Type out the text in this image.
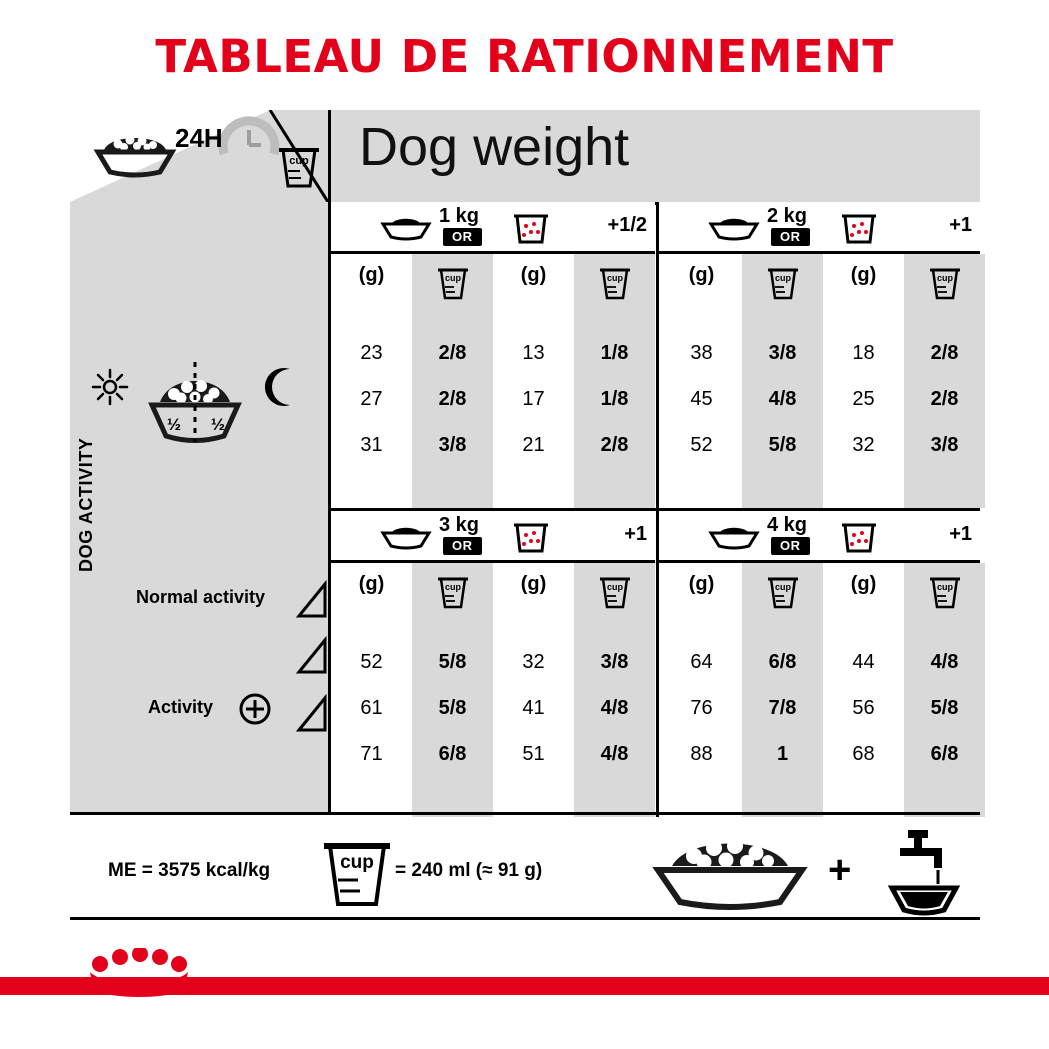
TABLEAU DE RATIONNEMENT
24H
cup Dog weight
DOG ACTIVITY
½ ½
Normal activity
Activity
1 kg
OR
+1/2
(g)
23
27
31
cup
2/8
2/8
3/8
(g)
13
17
21
cup
1/8
1/8
2/8
2 kg
OR
+1
(g)
38
45
52
cup
3/8
4/8
5/8
(g)
18
25
32
cup
2/8
2/8
3/8
3 kg
OR
+1
(g)
52
61
71
cup
5/8
5/8
6/8
(g)
32
41
51
cup
3/8
4/8
4/8
4 kg
OR
+1
(g)
64
76
88
cup
6/8
7/8
1
(g)
44
56
68
cup
4/8
5/8
6/8
ME = 3575 kcal/kg	cup = 240 ml (≈ 91 g)	+
